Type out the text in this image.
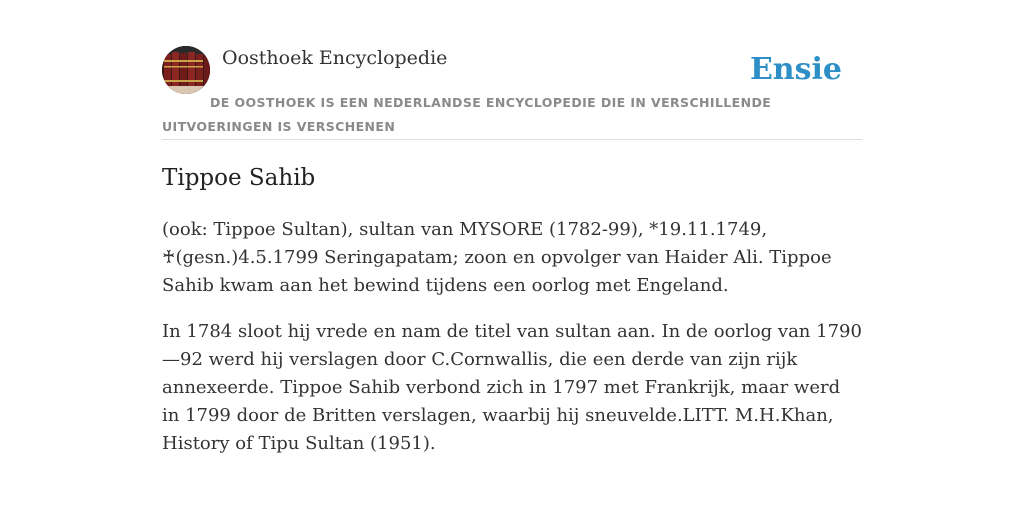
Oosthoek Encyclopedie	Ensie
DE OOSTHOEK IS EEN NEDERLANDSE ENCYCLOPEDIE DIE IN VERSCHILLENDE UITVOERINGEN IS VERSCHENEN
Tippoe Sahib

(ook: Tippoe Sultan), sultan van MYSORE (1782-99), *19.11.1749, ♰(gesn.)4.5.1799 Seringapatam; zoon en opvolger van Haider Ali. Tippoe Sahib kwam aan het bewind tijdens een oorlog met Engeland.

In 1784 sloot hij vrede en nam de titel van sultan aan. In de oorlog van 1790 —92 werd hij verslagen door C.Cornwallis, die een derde van zijn rijk annexeerde. Tippoe Sahib verbond zich in 1797 met Frankrijk, maar werd in 1799 door de Britten verslagen, waarbij hij sneuvelde.LITT. M.H.Khan, History of Tipu Sultan (1951).
